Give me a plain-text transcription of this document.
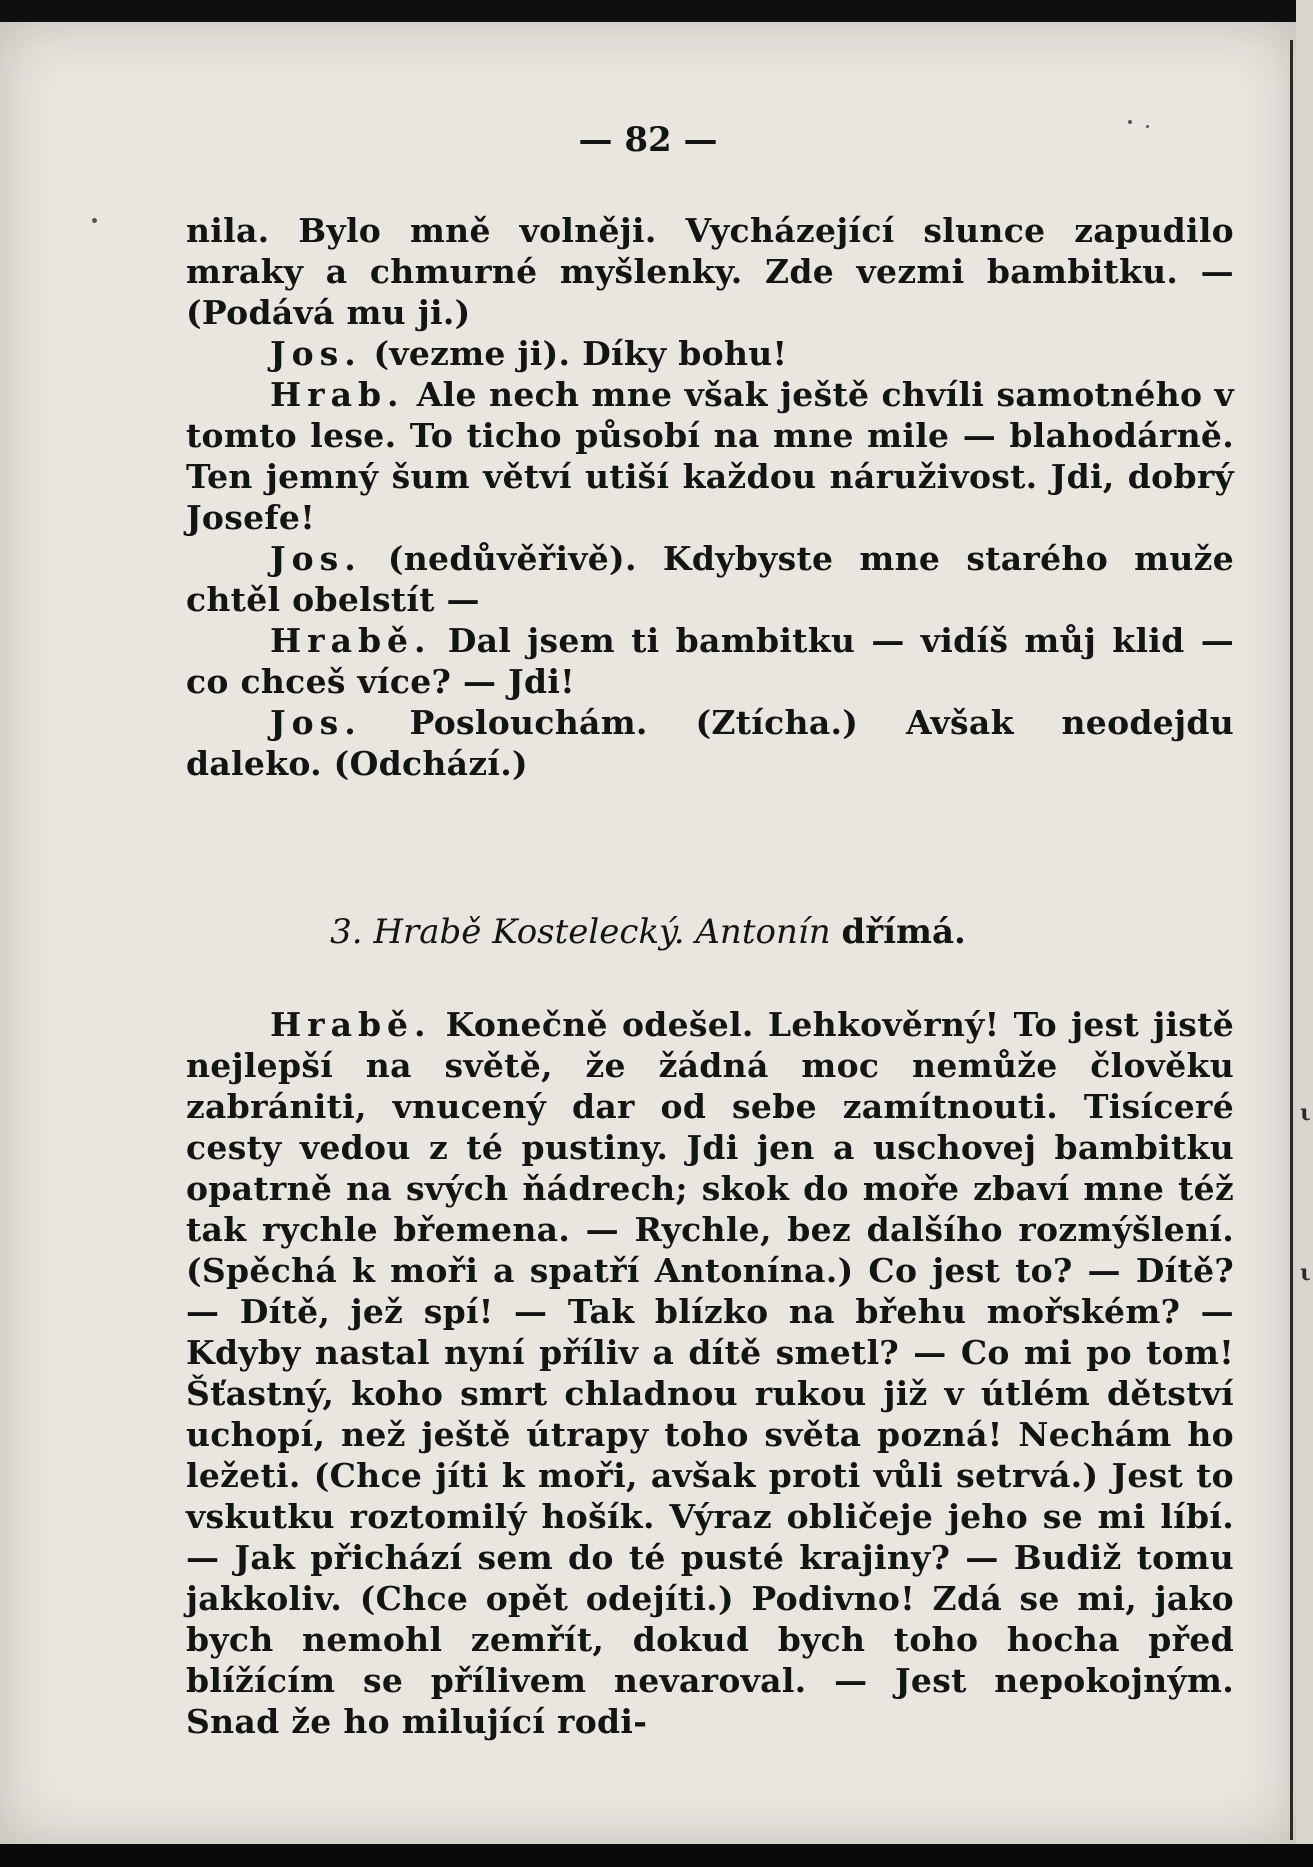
— 82 —

nila. Bylo mně volněji. Vycházející slunce zapudilo mraky a chmurné myšlenky. Zde vezmi bambitku. — (Podává mu ji.)

Jos. (vezme ji). Díky bohu!

Hrab. Ale nech mne však ještě chvíli samotného v tomto lese. To ticho působí na mne mile — blahodárně. Ten jemný šum větví utiší každou náruživost. Jdi, dobrý Josefe!

Jos. (nedůvěřivě). Kdybyste mne starého muže chtěl obelstít —

Hrabě. Dal jsem ti bambitku — vidíš můj klid — co chceš více? — Jdi!

Jos. Poslouchám. (Ztícha.) Avšak neodejdu daleko. (Odchází.)

3. Hrabě Kostelecký. Antonín dřímá.

Hrabě. Konečně odešel. Lehkověrný! To jest jistě nejlepší na světě, že žádná moc nemůže člověku zabrániti, vnucený dar od sebe zamítnouti. Tisíceré cesty vedou z té pustiny. Jdi jen a uschovej bambitku opatrně na svých ňádrech; skok do moře zbaví mne též tak rychle břemena. — Rychle, bez dalšího rozmýšlení. (Spěchá k moři a spatří Antonína.) Co jest to? — Dítě? — Dítě, jež spí! — Tak blízko na břehu mořském? — Kdyby nastal nyní příliv a dítě smetl? — Co mi po tom! Šťastný, koho smrt chladnou rukou již v útlém dětství uchopí, než ještě útrapy toho světa pozná! Nechám ho ležeti. (Chce jíti k moři, avšak proti vůli setrvá.) Jest to vskutku roztomilý hošík. Výraz obličeje jeho se mi líbí. — Jak přichází sem do té pusté krajiny? — Budiž tomu jakkoliv. (Chce opět odejíti.) Podivno! Zdá se mi, jako bych nemohl zemřít, dokud bych toho hocha před blížícím se přílivem nevaroval. — Jest nepokojným. Snad že ho milující rodi-

ι
ι
